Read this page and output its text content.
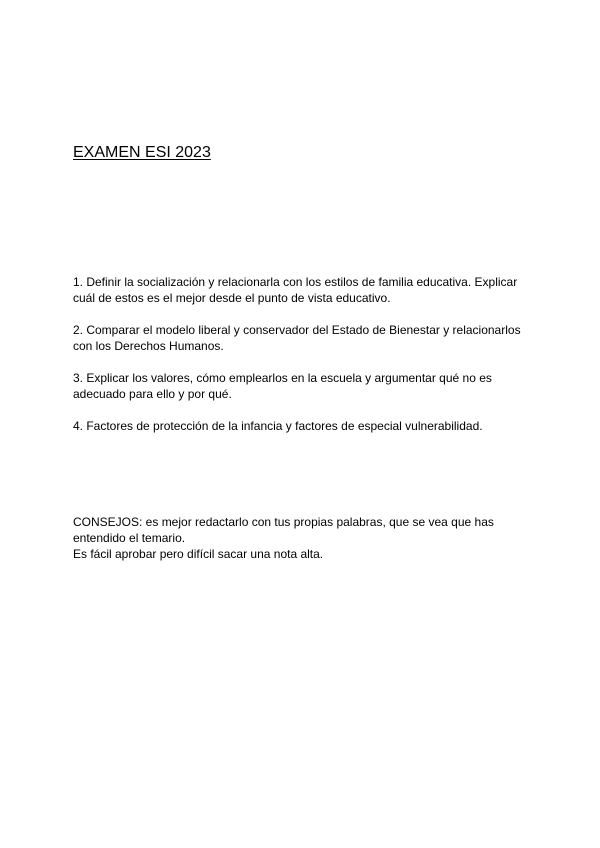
EXAMEN ESI 2023

1. Definir la socialización y relacionarla con los estilos de familia educativa. Explicar cuál de estos es el mejor desde el punto de vista educativo.

2. Comparar el modelo liberal y conservador del Estado de Bienestar y relacionarlos con los Derechos Humanos.

3. Explicar los valores, cómo emplearlos en la escuela y argumentar qué no es adecuado para ello y por qué.

4. Factores de protección de la infancia y factores de especial vulnerabilidad.

CONSEJOS: es mejor redactarlo con tus propias palabras, que se vea que has entendido el temario.

Es fácil aprobar pero difícil sacar una nota alta.
